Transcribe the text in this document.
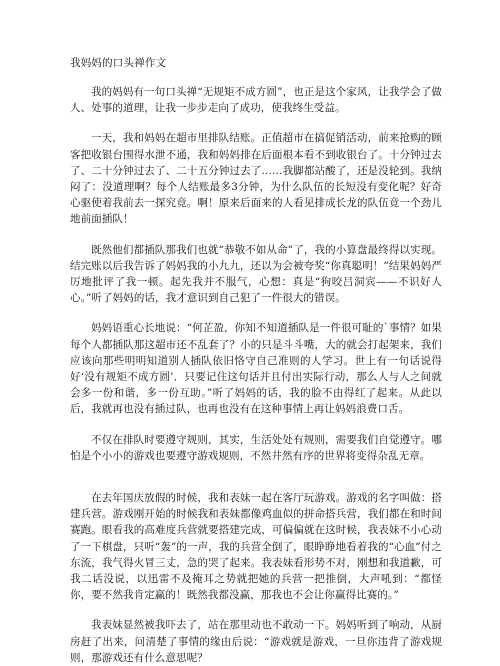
我妈妈的口头禅作文

我的妈妈有一句口头禅“无规矩不成方圆”，也正是这个家风，让我学会了做人、处事的道理，让我一步步走向了成功，使我终生受益。

一天，我和妈妈在超市里排队结账。正值超市在搞促销活动，前来抢购的顾客把收银台围得水泄不通，我和妈妈排在后面根本看不到收银台了。十分钟过去了、二十分钟过去了、二十五分钟过去了……我脚都站酸了，还是没轮到。我纳闷了：没道理啊？每个人结账最多3分钟，为什么队伍的长短没有变化呢？好奇心驱使着我前去一探究竟。啊！原来后面来的人看见排成长龙的队伍竟一个劲儿地前面插队！

既然他们都插队那我们也就“恭敬不如从命”了，我的小算盘最终得以实现。结完账以后我告诉了妈妈我的小九九，还以为会被夸奖“你真聪明！”结果妈妈严厉地批评了我一顿。起先我并不服气，心想：真是“狗咬吕洞宾——不识好人心。”听了妈妈的话，我才意识到自己犯了一件很大的错误。

妈妈语重心长地说：“何芷盈，你知不知道插队是一件很可耻的`事情？如果每个人都插队那这超市还不乱套了？小的只是斗斗嘴，大的就会打起架来，我们应该向那些明明知道别人插队依旧恪守自己准则的人学习。世上有一句话说得好‘没有规矩不成方圆’．只要记住这句话并且付出实际行动，那么人与人之间就会多一份和谐，多一份互助。”听了妈妈的话，我的脸不由得红了起来。从此以后，我就再也没有插过队，也再也没有在这种事情上再让妈妈浪费口舌。

不仅在排队时要遵守规则，其实，生活处处有规则，需要我们自觉遵守。哪怕是个小小的游戏也要遵守游戏规则，不然井然有序的世界将变得杂乱无章。

在去年国庆放假的时候，我和表妹一起在客厅玩游戏。游戏的名字叫做：搭建兵营。游戏刚开始的时候我和表妹都像鸡血似的拼命搭兵营，我们都在和时间赛跑。眼看我的高难度兵营就要搭建完成，可偏偏就在这时候，我表妹不小心动了一下棋盘，只听“轰”的一声，我的兵营全倒了，眼睁睁地看着我的“心血”付之东流，我气得火冒三丈，急的哭了起来。我表妹看形势不对，刚想和我道歉，可我二话没说，以迅雷不及掩耳之势就把她的兵营一把推倒，大声吼到：“都怪你，要不然我肯定赢的！既然我都没赢，那我也不会让你赢得比赛的。”

我表妹显然被我吓去了，站在那里动也不敢动一下。妈妈听到了响动，从厨房赶了出来，问清楚了事情的缘由后说：“游戏就是游戏，一旦你违背了游戏规则，那游戏还有什么意思呢？
